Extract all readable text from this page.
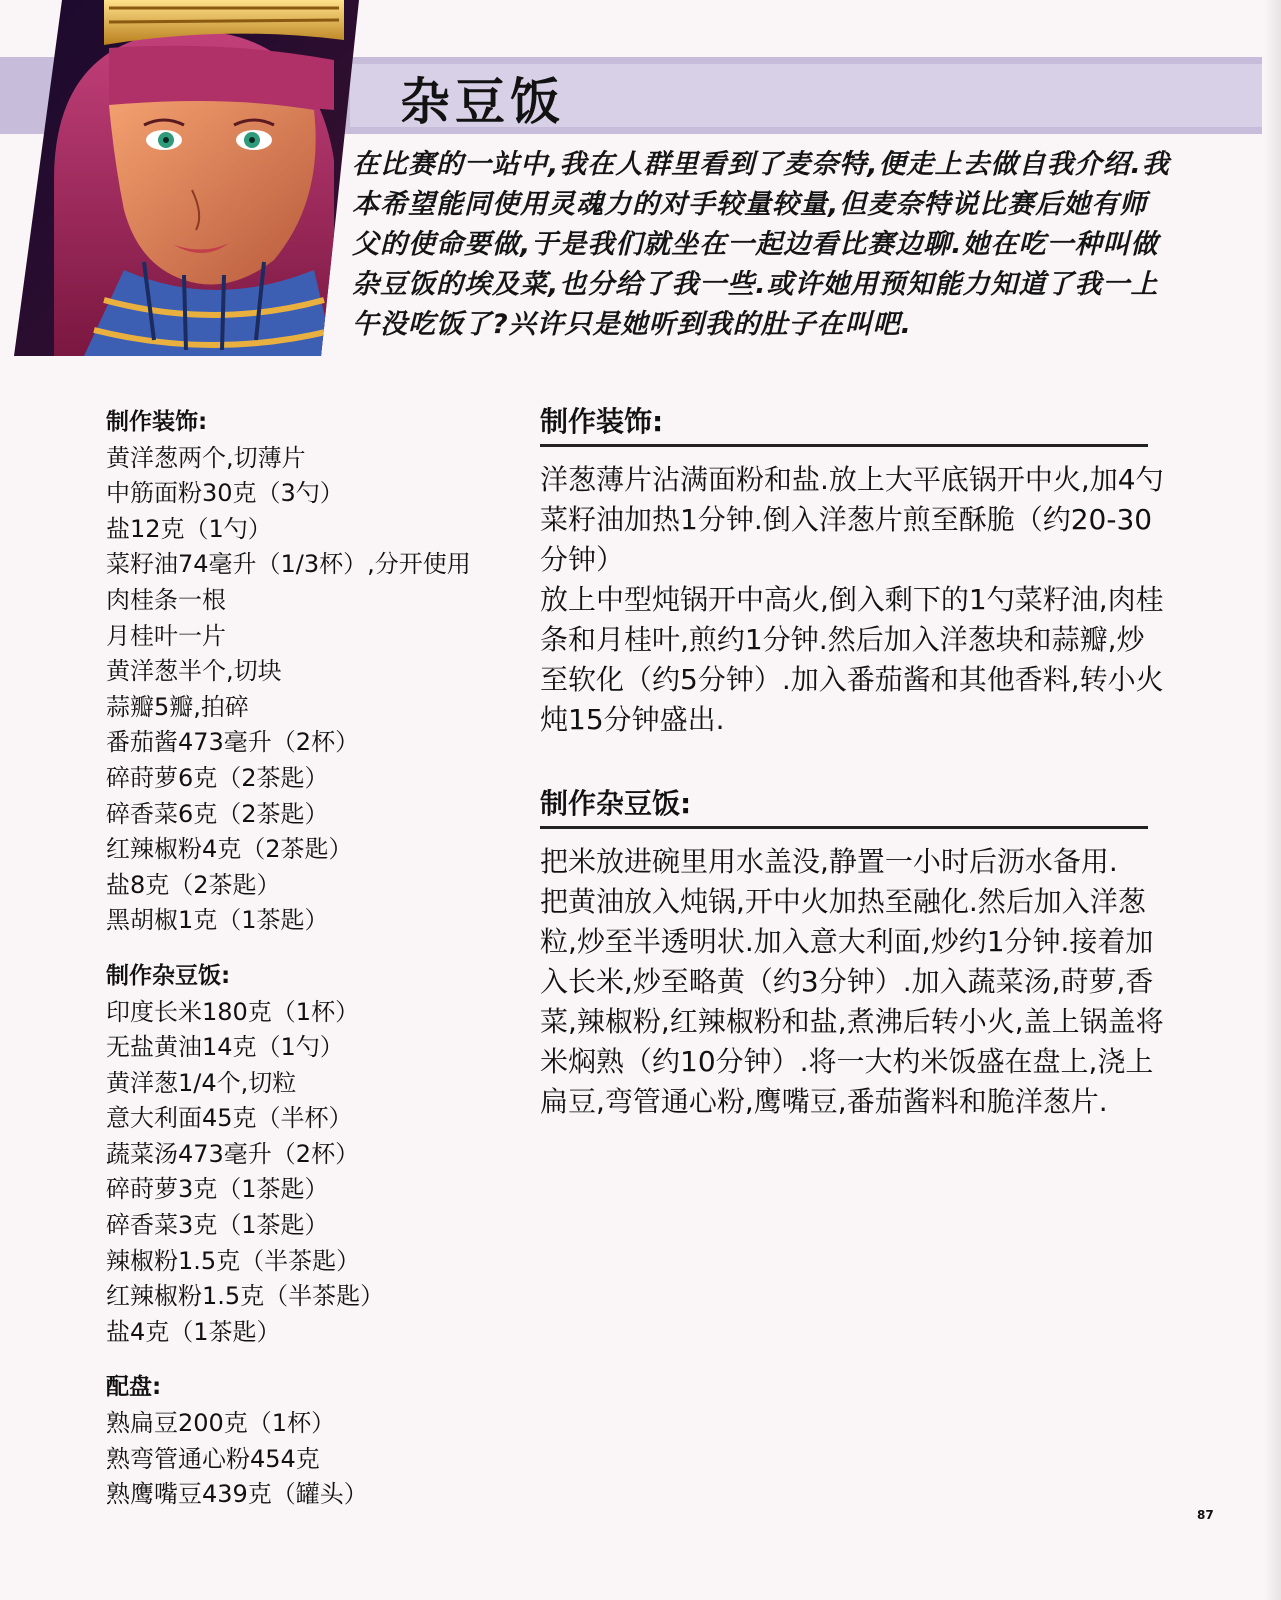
杂豆饭
在比赛的一站中,我在人群里看到了麦奈特,便走上去做自我介绍.我本希望能同使用灵魂力的对手较量较量,但麦奈特说比赛后她有师父的使命要做,于是我们就坐在一起边看比赛边聊.她在吃一种叫做杂豆饭的埃及菜,也分给了我一些.或许她用预知能力知道了我一上午没吃饭了?兴许只是她听到我的肚子在叫吧.
制作装饰:
黄洋葱两个,切薄片
中筋面粉30克（3勺）
盐12克（1勺）
菜籽油74毫升（1/3杯）,分开使用
肉桂条一根
月桂叶一片
黄洋葱半个,切块
蒜瓣5瓣,拍碎
番茄酱473毫升（2杯）
碎莳萝6克（2茶匙）
碎香菜6克（2茶匙）
红辣椒粉4克（2茶匙）
盐8克（2茶匙）
黑胡椒1克（1茶匙）
制作杂豆饭:
印度长米180克（1杯）
无盐黄油14克（1勺）
黄洋葱1/4个,切粒
意大利面45克（半杯）
蔬菜汤473毫升（2杯）
碎莳萝3克（1茶匙）
碎香菜3克（1茶匙）
辣椒粉1.5克（半茶匙）
红辣椒粉1.5克（半茶匙）
盐4克（1茶匙）
配盘:
熟扁豆200克（1杯）
熟弯管通心粉454克
熟鹰嘴豆439克（罐头）
制作装饰:
洋葱薄片沾满面粉和盐.放上大平底锅开中火,加4勺菜籽油加热1分钟.倒入洋葱片煎至酥脆（约20-30分钟）
放上中型炖锅开中高火,倒入剩下的1勺菜籽油,肉桂条和月桂叶,煎约1分钟.然后加入洋葱块和蒜瓣,炒至软化（约5分钟）.加入番茄酱和其他香料,转小火炖15分钟盛出.
制作杂豆饭:
把米放进碗里用水盖没,静置一小时后沥水备用.
把黄油放入炖锅,开中火加热至融化.然后加入洋葱粒,炒至半透明状.加入意大利面,炒约1分钟.接着加入长米,炒至略黄（约3分钟）.加入蔬菜汤,莳萝,香菜,辣椒粉,红辣椒粉和盐,煮沸后转小火,盖上锅盖将米焖熟（约10分钟）.将一大杓米饭盛在盘上,浇上扁豆,弯管通心粉,鹰嘴豆,番茄酱料和脆洋葱片.
87
